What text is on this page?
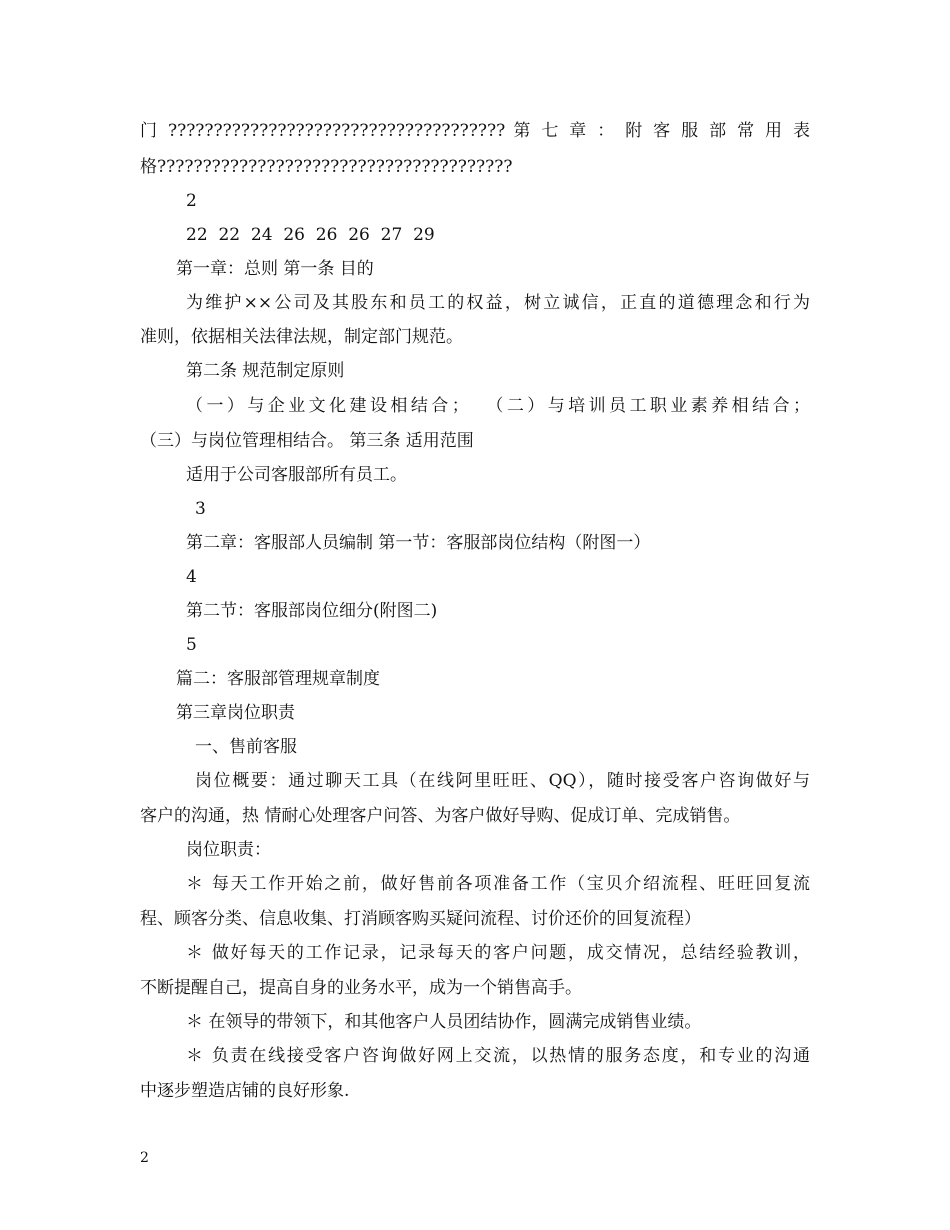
门 ????????????????????????????????????? 第 七 章 ： 附 客 服 部 常 用 表
格???????????????????????????????????????
2
22  22  24  26  26  26  27  29
第一章：总则 第一条 目的
为维护××公司及其股东和员工的权益，树立诚信，正直的道德理念和行为
准则，依据相关法律法规，制定部门规范。
第二条 规范制定原则
（一）与企业文化建设相结合；  （二）与培训员工职业素养相结合；
（三）与岗位管理相结合。 第三条 适用范围
适用于公司客服部所有员工。
3
第二章：客服部人员编制 第一节：客服部岗位结构（附图一）
4
第二节：客服部岗位细分(附图二)
5
篇二：客服部管理规章制度
第三章岗位职责
一、售前客服
岗位概要：通过聊天工具（在线阿里旺旺、QQ），随时接受客户咨询做好与
客户的沟通，热 情耐心处理客户问答、为客户做好导购、促成订单、完成销售。
岗位职责：
＊ 每天工作开始之前，做好售前各项准备工作（宝贝介绍流程、旺旺回复流
程、顾客分类、信息收集、打消顾客购买疑问流程、讨价还价的回复流程）
＊ 做好每天的工作记录，记录每天的客户问题，成交情况，总结经验教训，
不断提醒自己，提高自身的业务水平，成为一个销售高手。
＊ 在领导的带领下，和其他客户人员团结协作，圆满完成销售业绩。
＊ 负责在线接受客户咨询做好网上交流，以热情的服务态度，和专业的沟通
中逐步塑造店铺的良好形象.
2
